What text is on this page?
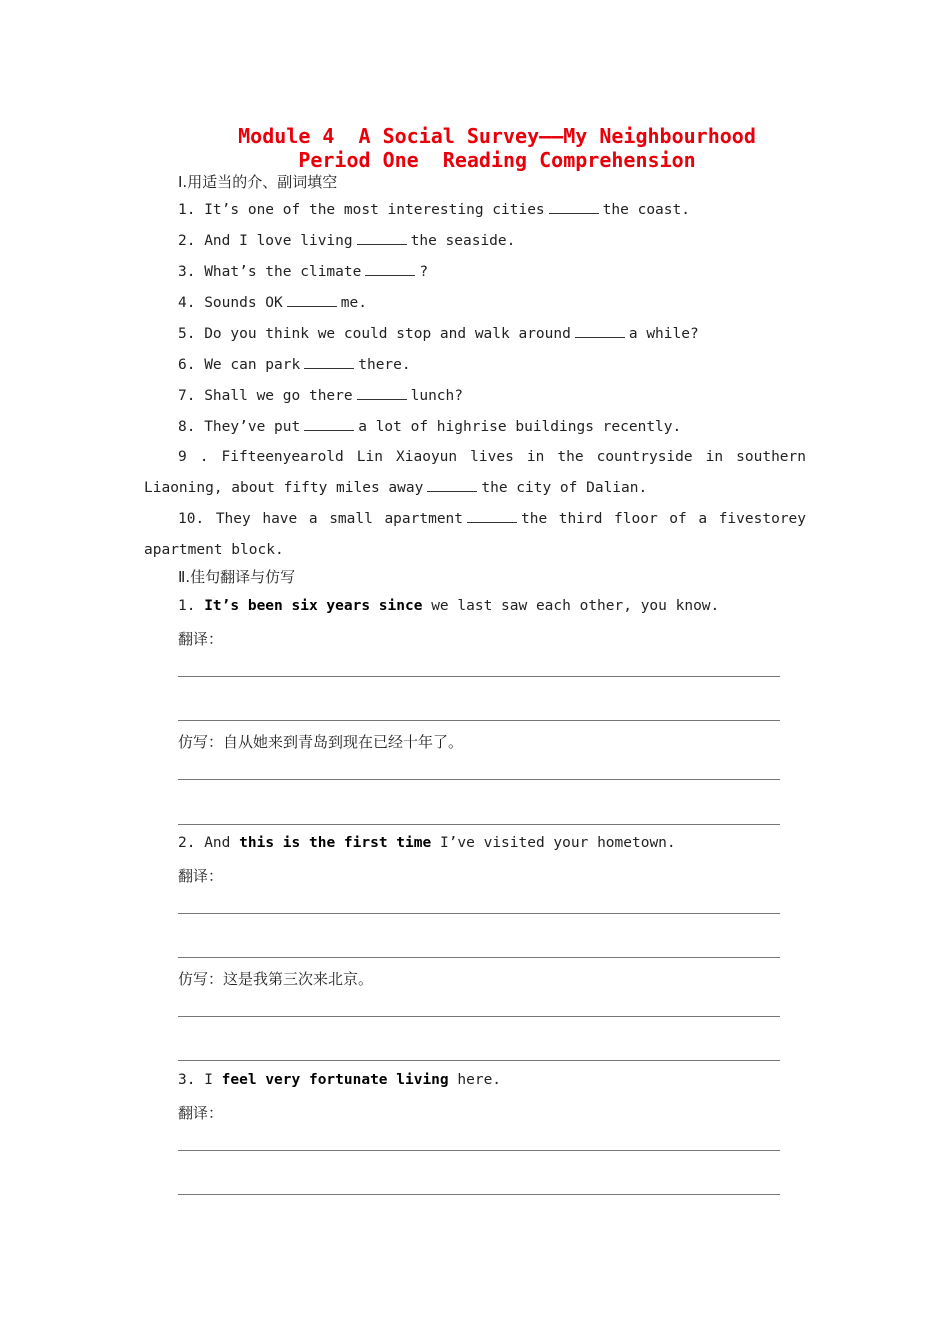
Module 4  A Social Survey——My Neighbourhood
Period One  Reading Comprehension
Ⅰ.用适当的介、副词填空
1. It’s one of the most interesting cities	the coast.
2. And I love living	the seaside.
3. What’s the climate	?
4. Sounds OK	me.
5. Do you think we could stop and walk around	a while?
6. We can park	there.
7. Shall we go there	lunch?
8. They’ve put	a lot of highrise buildings recently.
9 . Fifteenyearold Lin Xiaoyun lives in the countryside in southern Liaoning, about fifty miles away	the city of Dalian.
10. They have a small apartment	the third floor of a fivestorey apartment block.
Ⅱ.佳句翻译与仿写
1. It’s been six years since we last saw each other, you know.
翻译：
仿写：自从她来到青岛到现在已经十年了。
2. And this is the first time I’ve visited your hometown.
翻译：
仿写：这是我第三次来北京。
3. I feel very fortunate living here.
翻译：
